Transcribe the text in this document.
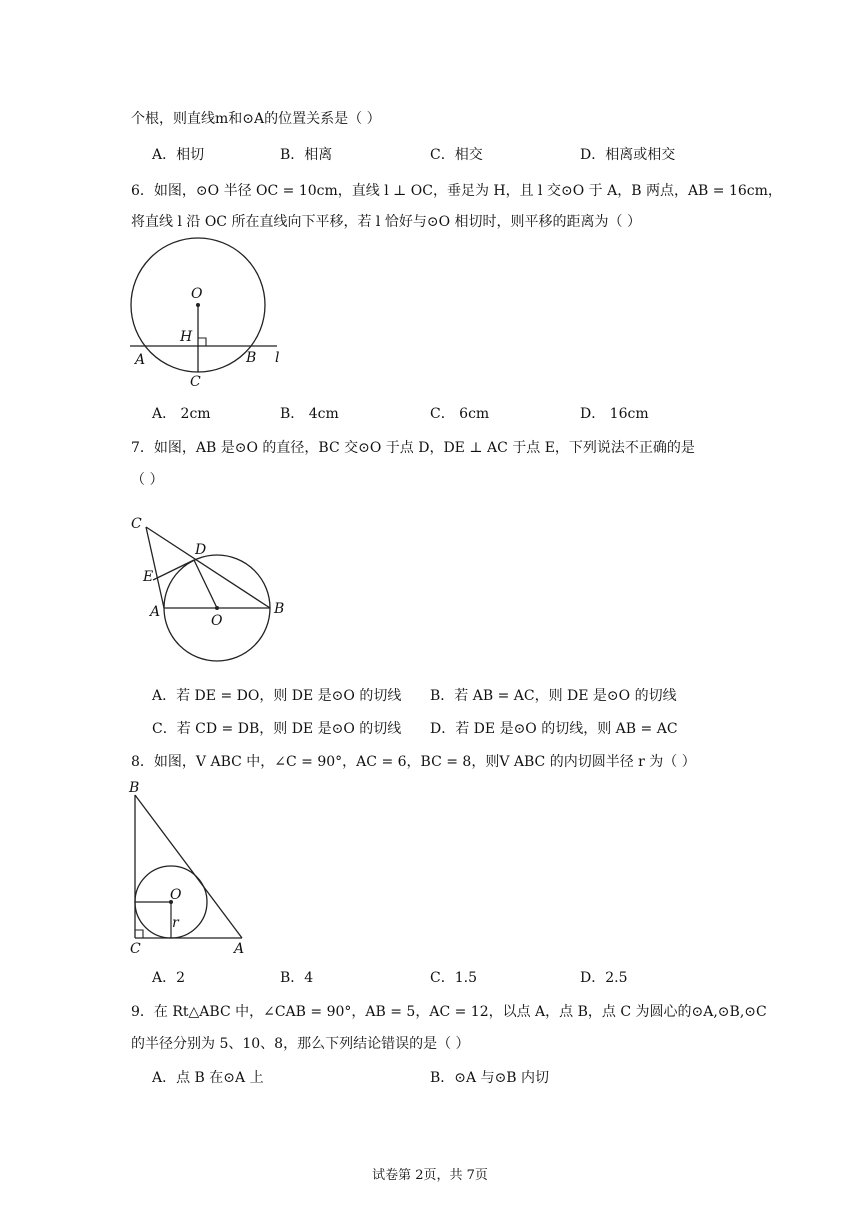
个根，则直线m和⊙A的位置关系是（ ）
A．相切	B．相离	C．相交	D．相离或相交
6．如图，⊙O 半径 OC = 10cm，直线 l ⊥ OC，垂足为 H，且 l 交⊙O 于 A，B 两点，AB = 16cm，
将直线 l 沿 OC 所在直线向下平移，若 l 恰好与⊙O 相切时，则平移的距离为（ ）
O
H
A	B
C
l
A． 2cm	B． 4cm	C． 6cm	D． 16cm
7．如图，AB 是⊙O 的直径，BC 交⊙O 于点 D，DE ⊥ AC 于点 E，下列说法不正确的是
（ ）
C
D
E
A
O
B
A．若 DE = DO，则 DE 是⊙O 的切线 B．若 AB = AC，则 DE 是⊙O 的切线
C．若 CD = DB，则 DE 是⊙O 的切线 D．若 DE 是⊙O 的切线，则 AB = AC
8．如图，V ABC 中，∠C = 90°，AC = 6，BC = 8，则V ABC 的内切圆半径 r 为（ ）
B
O
r
C	A
A．2	B．4	C．1.5	D．2.5
9．在 Rt△ABC 中，∠CAB = 90°，AB = 5，AC = 12，以点 A，点 B，点 C 为圆心的⊙A,⊙B,⊙C
的半径分别为 5、10、8，那么下列结论错误的是（ ）
A．点 B 在⊙A 上	B．⊙A 与⊙B 内切
试卷第 2页，共 7页
